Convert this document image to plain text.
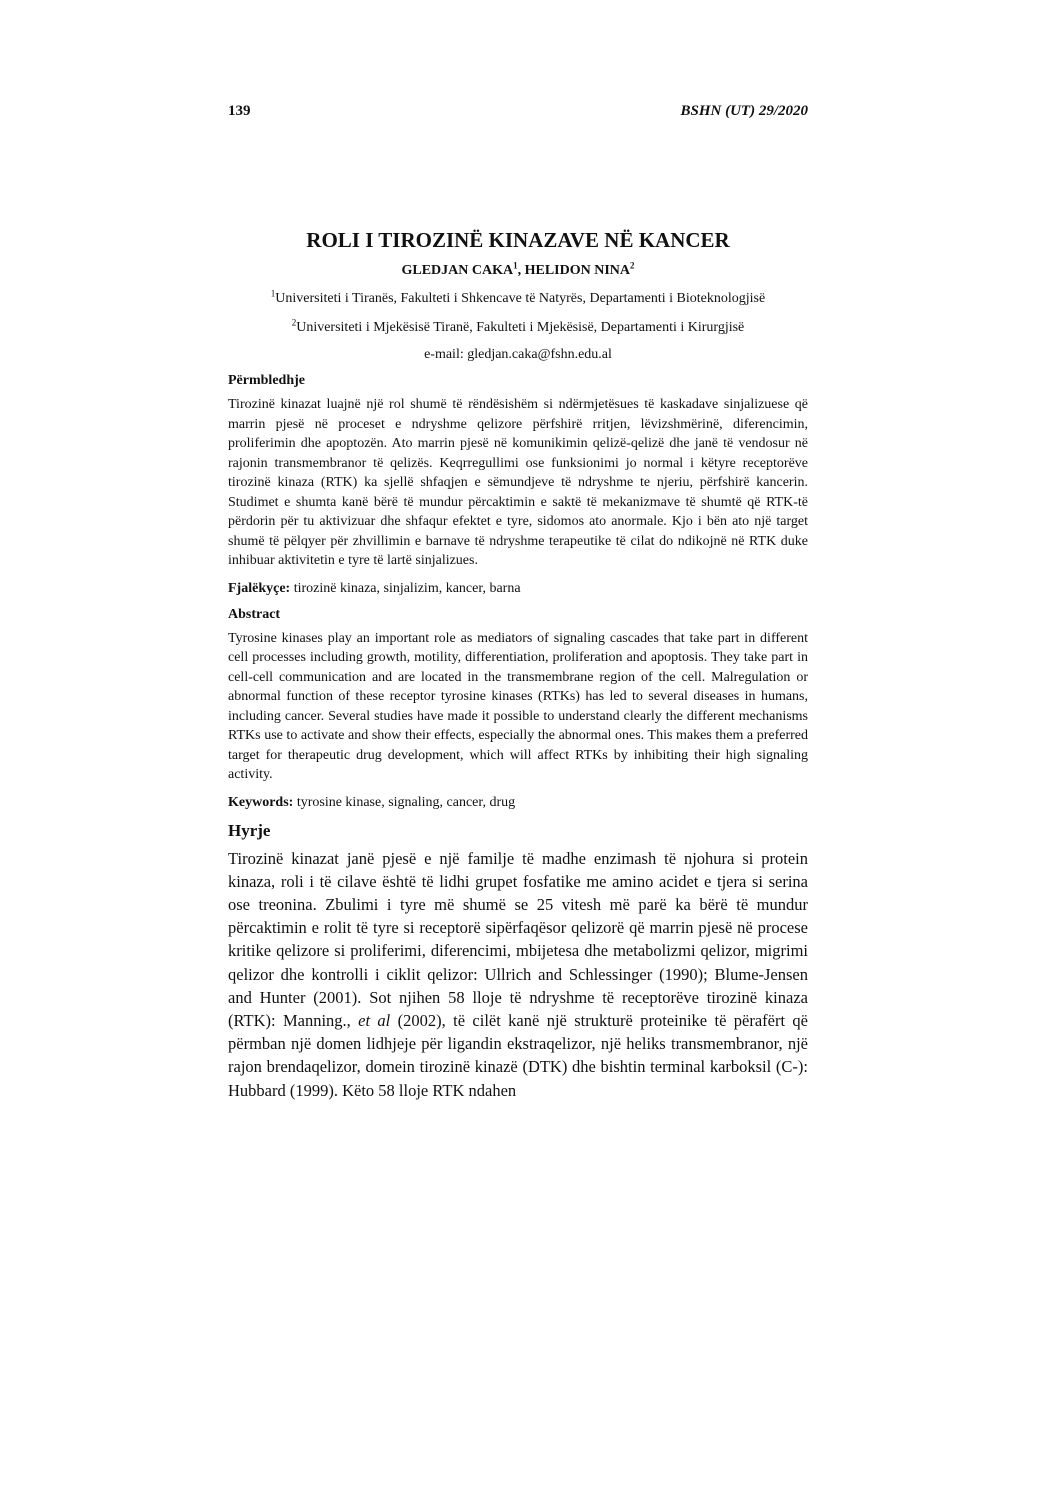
139	BSHN (UT) 29/2020
ROLI I TIROZINË KINAZAVE NË KANCER

GLEDJAN CAKA$^1$, HELIDON NINA$^2$

$^1$Universiteti i Tiranës, Fakulteti i Shkencave të Natyrës, Departamenti i Bioteknologjisë

$^2$Universiteti i Mjekësisë Tiranë, Fakulteti i Mjekësisë, Departamenti i Kirurgjisë

e-mail: gledjan.caka@fshn.edu.al

Përmbledhje

Tirozinë kinazat luajnë një rol shumë të rëndësishëm si ndërmjetësues të kaskadave sinjalizuese që marrin pjesë në proceset e ndryshme qelizore përfshirë rritjen, lëvizshmërinë, diferencimin, proliferimin dhe apoptozën. Ato marrin pjesë në komunikimin qelizë-qelizë dhe janë të vendosur në rajonin transmembranor të qelizës. Keqrregullimi ose funksionimi jo normal i këtyre receptorëve tirozinë kinaza (RTK) ka sjellë shfaqjen e sëmundjeve të ndryshme te njeriu, përfshirë kancerin. Studimet e shumta kanë bërë të mundur përcaktimin e saktë të mekanizmave të shumtë që RTK-të përdorin për tu aktivizuar dhe shfaqur efektet e tyre, sidomos ato anormale. Kjo i bën ato një target shumë të pëlqyer për zhvillimin e barnave të ndryshme terapeutike të cilat do ndikojnë në RTK duke inhibuar aktivitetin e tyre të lartë sinjalizues.

Fjalëkyçe: tirozinë kinaza, sinjalizim, kancer, barna

Abstract

Tyrosine kinases play an important role as mediators of signaling cascades that take part in different cell processes including growth, motility, differentiation, proliferation and apoptosis. They take part in cell-cell communication and are located in the transmembrane region of the cell. Malregulation or abnormal function of these receptor tyrosine kinases (RTKs) has led to several diseases in humans, including cancer. Several studies have made it possible to understand clearly the different mechanisms RTKs use to activate and show their effects, especially the abnormal ones. This makes them a preferred target for therapeutic drug development, which will affect RTKs by inhibiting their high signaling activity.

Keywords: tyrosine kinase, signaling, cancer, drug

Hyrje

Tirozinë kinazat janë pjesë e një familje të madhe enzimash të njohura si protein kinaza, roli i të cilave është të lidhi grupet fosfatike me amino acidet e tjera si serina ose treonina. Zbulimi i tyre më shumë se 25 vitesh më parë ka bërë të mundur përcaktimin e rolit të tyre si receptorë sipërfaqësor qelizorë që marrin pjesë në procese kritike qelizore si proliferimi, diferencimi, mbijetesa dhe metabolizmi qelizor, migrimi qelizor dhe kontrolli i ciklit qelizor: Ullrich and Schlessinger (1990); Blume-Jensen and Hunter (2001). Sot njihen 58 lloje të ndryshme të receptorëve tirozinë kinaza (RTK): Manning., et al (2002), të cilët kanë një strukturë proteinike të përafërt që përmban një domen lidhjeje për ligandin ekstraqelizor, një heliks transmembranor, një rajon brendaqelizor, domein tirozinë kinazë (DTK) dhe bishtin terminal karboksil (C-): Hubbard (1999). Këto 58 lloje RTK ndahen
